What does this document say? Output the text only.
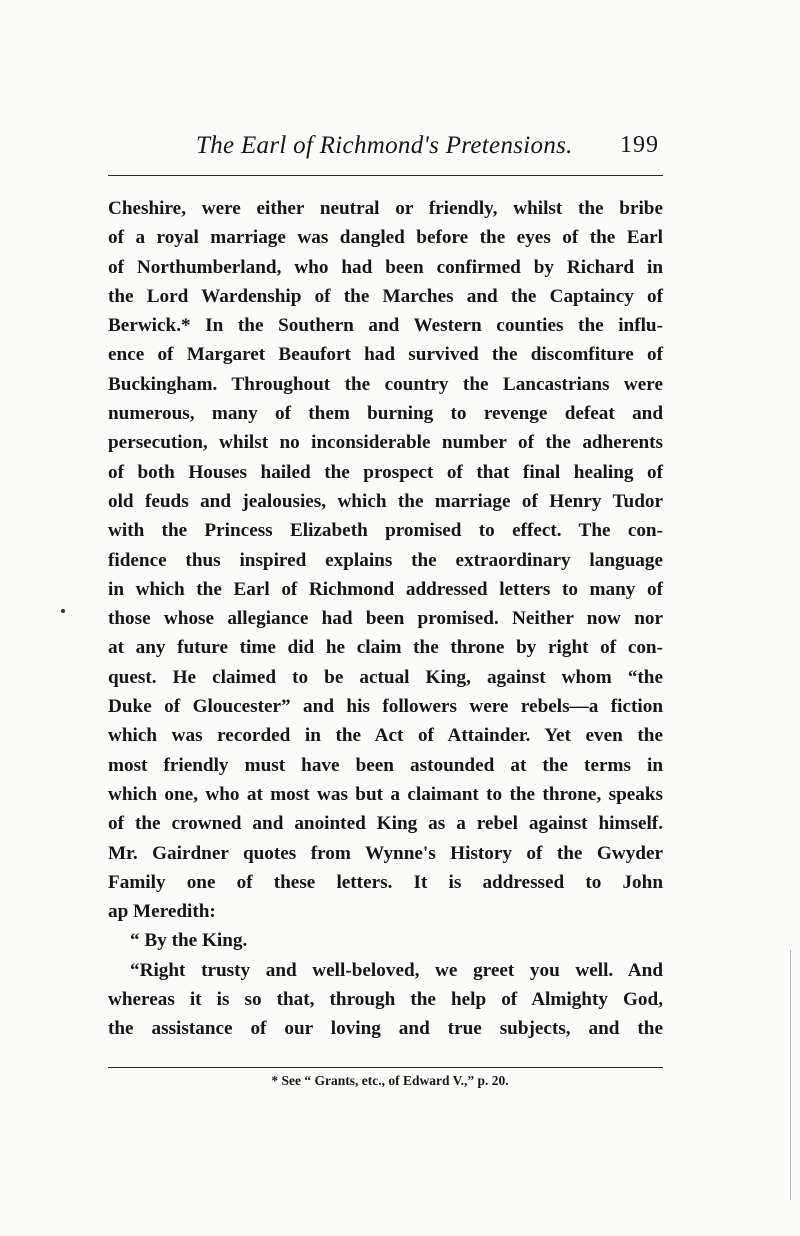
The Earl of Richmond's Pretensions. 199
Cheshire, were either neutral or friendly, whilst the bribe
of a royal marriage was dangled before the eyes of the Earl
of Northumberland, who had been confirmed by Richard in
the Lord Wardenship of the Marches and the Captaincy of
Berwick.* In the Southern and Western counties the influ-
ence of Margaret Beaufort had survived the discomfiture of
Buckingham. Throughout the country the Lancastrians were
numerous, many of them burning to revenge defeat and
persecution, whilst no inconsiderable number of the adherents
of both Houses hailed the prospect of that final healing of
old feuds and jealousies, which the marriage of Henry Tudor
with the Princess Elizabeth promised to effect. The con-
fidence thus inspired explains the extraordinary language
in which the Earl of Richmond addressed letters to many of
those whose allegiance had been promised. Neither now nor
at any future time did he claim the throne by right of con-
quest. He claimed to be actual King, against whom “the
Duke of Gloucester” and his followers were rebels—a fiction
which was recorded in the Act of Attainder. Yet even the
most friendly must have been astounded at the terms in
which one, who at most was but a claimant to the throne, speaks
of the crowned and anointed King as a rebel against himself.
Mr. Gairdner quotes from Wynne's History of the Gwyder
Family one of these letters. It is addressed to John
ap Meredith:
“ By the King.
“Right trusty and well-beloved, we greet you well. And
whereas it is so that, through the help of Almighty God,
the assistance of our loving and true subjects, and the
* See “ Grants, etc., of Edward V.,” p. 20.
